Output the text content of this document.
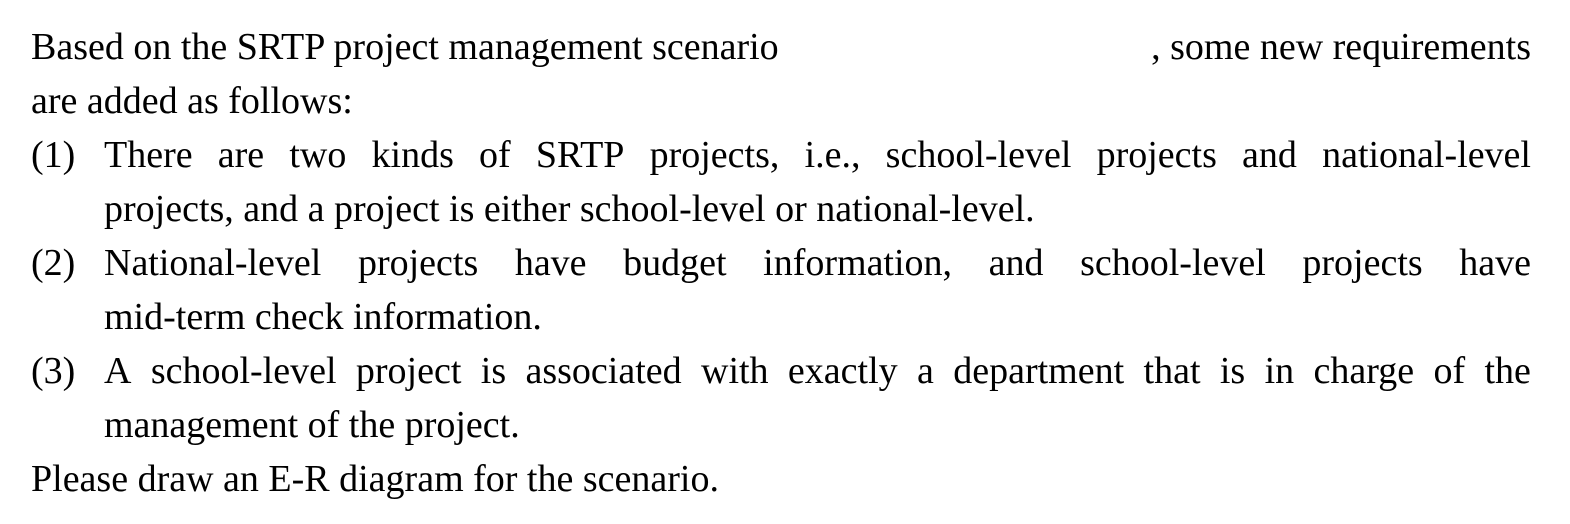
Based on the SRTP project management scenario	, some new requirements
are added as follows:
(1) There are two kinds of SRTP projects, i.e., school-level projects and national-level
projects, and a project is either school-level or national-level.
(2) National-level projects have budget information, and school-level projects have
mid-term check information.
(3) A school-level project is associated with exactly a department that is in charge of the
management of the project.
Please draw an E-R diagram for the scenario.
